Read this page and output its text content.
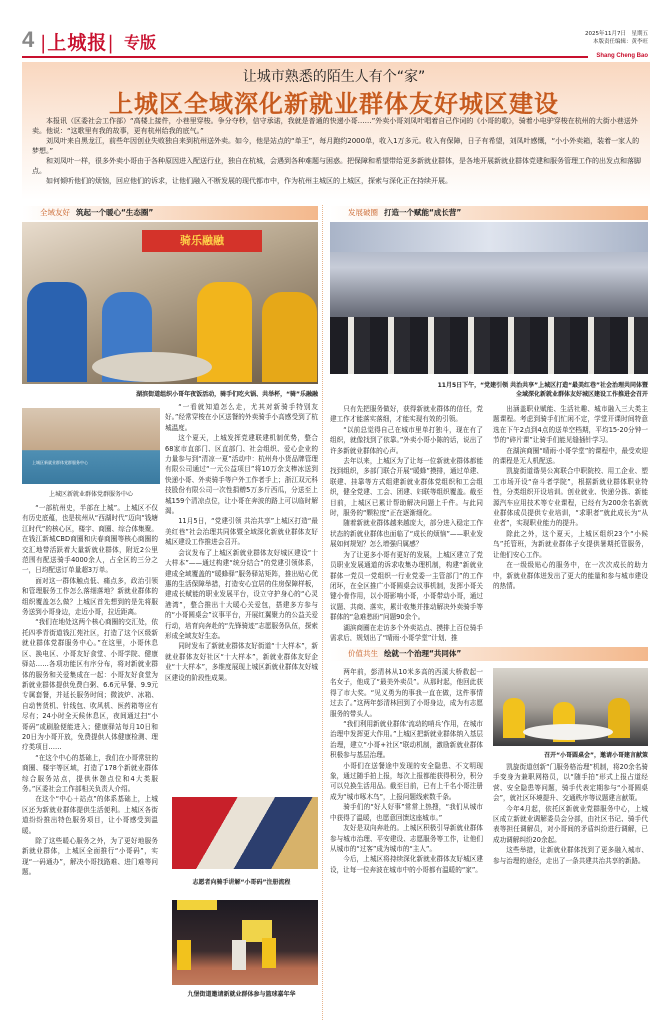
4 |上城报| 专版	2025年11月7日　星期五
本版责任编辑：黄李旺
Shang Cheng Bao
让城市熟悉的陌生人有个“家”
上城区全域深化新就业群体友好城区建设

本报讯（区委社会工作部）“高楼上接件，小巷里穿梭。争分夺秒，信守承诺，我就是普通的快递小哥……”外卖小哥刘凤叶唱着自己作词的《小哥的歌》，骑着小电驴穿梭在杭州的大街小巷送外卖。他说：“这歌里有我的故事，更有杭州给我的底气。”

刘凤叶来自黑龙江，前些年因创业失败独自来到杭州送外卖。如今，他是站点的“单王”，每月跑约2000单，收入1万多元。收入有保障，日子有希望，刘凤叶感慨，“小小外卖箱，装着一家人的梦想。”

和刘凤叶一样，很多外卖小哥由于各种原因进入配送行业，独自在杭城，会遇到各种难题与困惑。把保障和希望带给更多新就业群体，是各地开展新就业群体党建和服务管理工作的出发点和落脚点。

如何倾听他们的烦恼，回应他们的诉求，让他们融入不断发展的现代都市中，作为杭州主城区的上城区，探索与深化正在持续开展。

全域友好 筑起一个暖心“生态圈”	发展破圈 打造一个赋能“成长营”
骑乐融融
湖滨街道组织小哥年夜饭活动，骑手们吃火锅、共举杯，“骑”乐融融
上城区新就业群体党群服务中心
上城区新就业群体党群服务中心

“一部杭州史，半部在上城”。上城区不仅有历史底蕴，也是杭州从“西湖时代”迈向“钱塘江时代”的核心区，楼宇、商圈、综合体集聚。在钱江新城CBD商圈和庆春商圈等核心商圈的交汇地带活跃着大量新就业群体，附近2公里范围有配送骑手4000余人，占全区的三分之一，日均配送订单量超3万单。

面对这一群体触点低、痛点多，政治引领和管理服务工作怎么落细落地？新就业群体的组织覆盖怎么做？上城区首先想到的是先将服务送到小哥身边，走近小哥，拉近距离。

“我们在地处这两个核心商圈的交汇处，依托四季青街道钱江苑社区，打造了这个区级新就业群体党群服务中心。”在这里，小哥休息区、换电区、小哥友好食堂、小哥学院、健康驿站……各项功能区有序分布，将对新就业群体的服务和关爱集成在一起：小哥友好食堂为新就业群体提供免费白粥、6.6元早餐、9.9元专属套餐，并延长服务时间；微波炉、冰箱、自动售货机、针线包、吹风机、医药箱等应有尽有；24小时全天候休息区，夜间通过扫“小哥码”或刷脸便能进入；健康驿站每月10日和20日为小哥开放，免费提供人体健康检测、理疗类项目……

“在这个中心的基础上，我们在小哥常驻的商圈、楼宇等区域，打造了178个新就业群体综合服务站点，提供休憩点位和4大类服务。”区委社会工作部相关负责人介绍。

在这个“中心＋站点”的体系基础上，上城区还为新就业群体提供生活便利。上城区各街道纷纷推出特色服务项目，让小哥感受到温暖。

除了这些暖心服务之外，为了更好地服务新就业群体，上城区全面推行“小哥码”，实现“一码通办”，解决小哥找路难、进门难等问题。

“一看就知道怎么走，尤其对新骑手特别友好。”经常穿梭在小区送餐的外卖骑手小高感受到了杭城温度。

这个夏天，上城发挥党建联建机制优势，整合68家市直部门、区直部门、社会组织、爱心企业的力量参与到“清凉一夏”活动中：杭州舟小货品牌管理有限公司通过“一元公益项目”将10万余支棒冰送到快递小哥、外卖骑手等户外工作者手上；浙江双元科技股份有限公司一次性捐赠5万多斤西瓜，分送至上城159个清凉点位，让小哥在奔波的路上可以临时解渴。

11月5日，“党建引领 共治共享”上城区打造“最美红巷”社会治理共同体暨全域深化新就业群体友好城区建设工作推进会召开。

会议发布了上城区新就业群体友好城区建设“十大样本”——通过构建“统分结合”的党建引领体系，建成全域覆盖的“暖蜂驿”服务驿站矩阵，推出贴心优惠的生活保障举措，打造安心宜居的住房保障样板，建成长赋能的职业发展平台，设立守护身心的“心灵港湾”，整合推出十大暖心关爱包，搭建多方参与的“小哥圆桌会”议事平台，开展红翼聚力的公益关爱行动，培育向奔赴的“先锋骑迹”志愿服务队伍，探索形成全域友好生态。

同时发布了新就业群体友好街道“十大样本”，新就业群体友好社区“十大样本”，新就业群体友好企业“十大样本”，多维度展现上城区新就业群体友好城区建设的阶段性成果。

志愿者向骑手讲解“小哥码”注册流程
九堡街道邀请新就业群体参与篮球嘉年华
11月5日下午，“党建引领 共治共享”上城区打造“最美红巷”社会治理共同体暨
全域深化新就业群体友好城区建设工作推进会召开

只有先把服务做好，获得新就业群体的信任，党建工作才能落实落细，才能实现有效的引领。

“以前总觉得自己在城市里单打独斗，现在有了组织，就像找到了依靠。”外卖小哥小陈的话，说出了许多新就业群体的心声。

去年以来，上城区为了让每一位新就业群体都能找到组织，多部门联合开展“暖蜂”摸排，通过单建、联建、挂靠等方式组建新就业群体党组织和工会组织，健全党建、工会、团建、妇联等组织覆盖。截至目前，上城区已累计帮助解决问题上千件。与此同时，服务的“颗粒度”正在逐渐细化。

随着新就业群体越来越庞大，部分进入稳定工作状态的新就业群体也面临了“成长的烦恼”——职业发展如何规划？怎么增强归属感？

为了让更多小哥有更好的发展，上城区建立了党员职业发展通道的诉求收集办理机制，构建“新就业群体一党员一党组织一行业党委一主管部门”的工作闭环，在全区推广小哥圆桌会议事机制，发挥小哥关键小骨作用，以小哥影响小哥，小哥带动小哥，通过议题、共商、落实，累计收集并推动解决外卖骑手等群体的“急难愁盼”问题90余个。

湖滨商圈在走访多个外卖站点、摸排上百位骑手需求后，规划出了“晴雨·小哥学堂”计划，推

出涵盖职业赋能、生活社趣、城市融入三大类主题课程。考虑到骑手们忙闲不定，学堂开课时间特意选在下午2点到4点的送单空档期，平均15-20分钟一节的“碎片课”让骑手们能见缝插针学习。

在湖滨商圈“晴雨·小哥学堂”的课程中，最受欢迎的课程是无人机配送。

凯旋街道谐昊公寓联合中职院校、用工企业、塑工市场开设“奋斗者学院”，根据新就业群体职业特性，分类组织开设培训。创业就业、快递分拣、新能源汽车应用技术等专业课程，已经有为200余名新就业群体成员提供专业培训，“求职者”就此成长为“从业者”，实现职业能力的提升。

除此之外，这个夏天，上城区组织23个“小候鸟”托管班，为新就业群体子女提供暑期托管服务，让他们安心工作。

在一级级贴心的服务中，在一次次成长的助力中，新就业群体迸发出了更大的能量和参与城市建设的热情。

价值共生 绘就一个治理“共同体”

两年前，彭清林从10米多高的西溪大桥救起一名女子，他成了“最美外卖员”。从那时起，他回此获得了市大奖。“见义勇为的事我一直在做，这件事情过去了。”这两年彭清林回到了小哥身边，成为有志愿服务的带头人。

“我们利用新就业群体‘流动的哨兵’作用，在城市治理中发挥更大作用。”上城区把新就业群体纳入基层治理，建立“小哥+社区”联动机制，激励新就业群体积极参与基层治理。

小哥们在送餐途中发现的安全隐患、不文明现象，通过随手拍上报，每次上报都能获得积分，积分可以兑换生活用品。截至目前，已有上千名小哥注册成为“城市啄木鸟”，上报问题线索数千条。

骑手们的“好人好事”常常上热搜，“我们从城市中获得了温暖，也愿意回馈这座城市。”

友好是双向奔赴的。上城区积极引导新就业群体参与城市治理、平安建设、志愿服务等工作，让他们从城市的“过客”成为城市的“主人”。

今后，上城区将持续深化新就业群体友好城区建设，让每一位奔波在城市中的小哥都有温暖的“家”。

召开“小哥圆桌会”，邀请小哥建言献策

凯旋街道创新“门服务格治理”机制，将20余名骑手变身为兼职网格员，以“随手拍”形式上报占道经营、安全隐患等问题，骑手代表定期参与“小哥圆桌会”，就社区环境提升、交通秩序等议题建言献策。

今年4月起，依托区新就业党群服务中心，上城区成立新就业调解委员会分部，由社区书记、骑手代表等担任调解员，对小哥间的矛盾纠纷进行调解，已成功调解纠纷20余起。

这些举措，让新就业群体找到了更多融入城市、参与治理的途径，走出了一条共建共治共享的新路。
